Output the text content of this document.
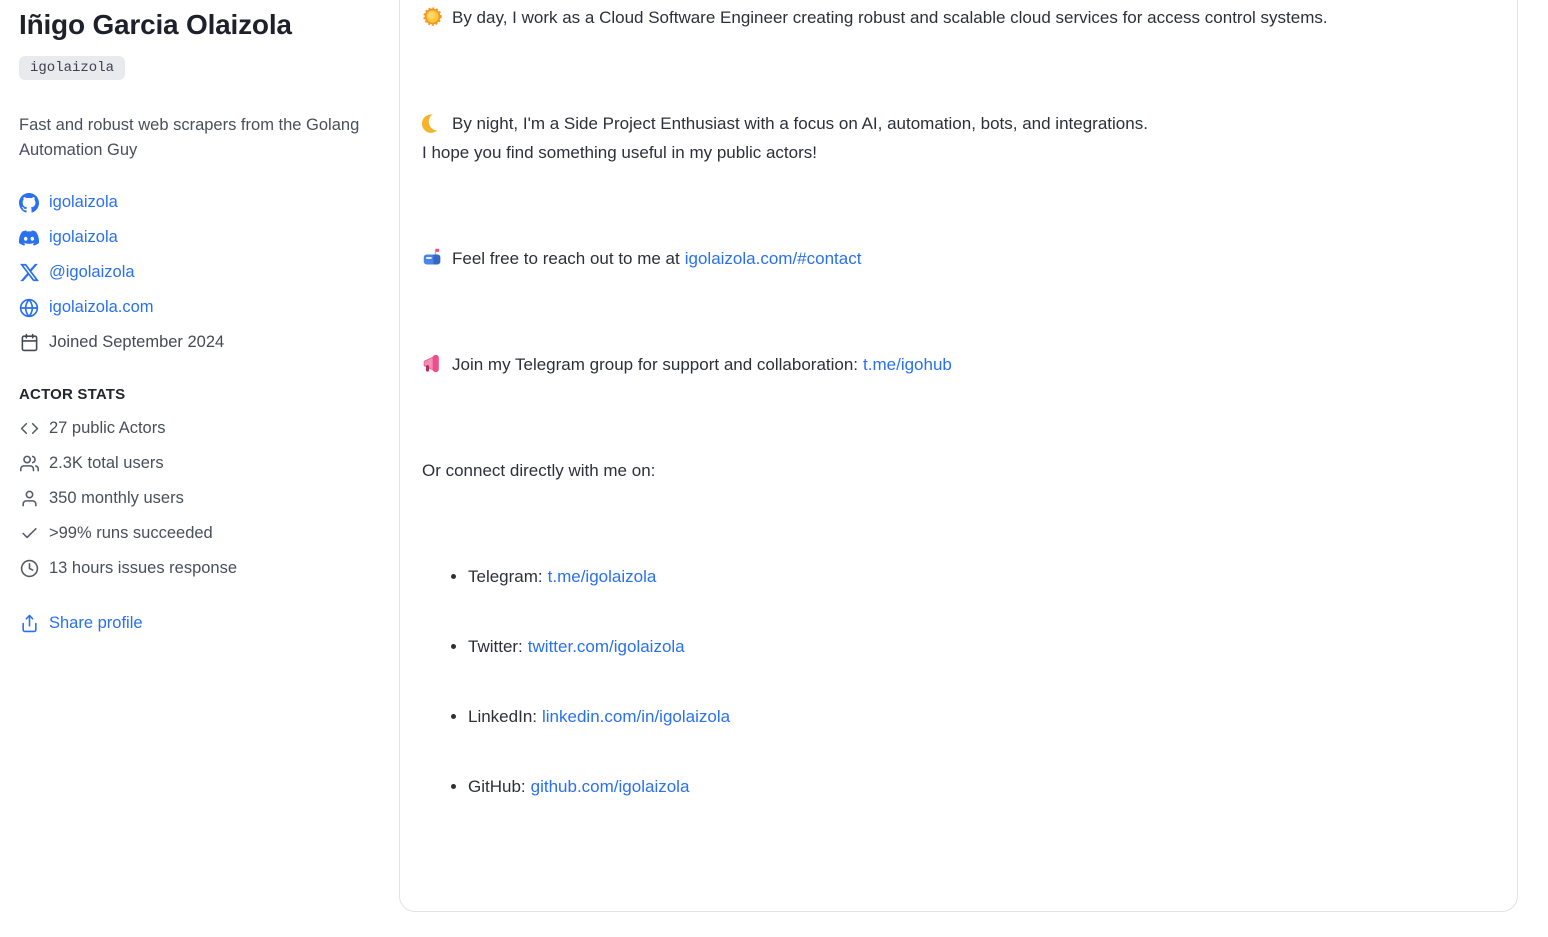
Iñigo Garcia Olaizola
igolaizola
Fast and robust web scrapers from the Golang Automation Guy
igolaizola
igolaizola
@igolaizola
igolaizola.com
Joined September 2024
ACTOR STATS
27 public Actors
2.3K total users
350 monthly users
>99% runs succeeded
13 hours issues response
Share profile

By day, I work as a Cloud Software Engineer creating robust and scalable cloud services for access control systems.

By night, I'm a Side Project Enthusiast with a focus on AI, automation, bots, and integrations.
I hope you find something useful in my public actors!

Feel free to reach out to me at igolaizola.com/#contact

Join my Telegram group for support and collaboration: t.me/igohub

Or connect directly with me on:

• Telegram: t.me/igolaizola
• Twitter: twitter.com/igolaizola
• LinkedIn: linkedin.com/in/igolaizola
• GitHub: github.com/igolaizola
